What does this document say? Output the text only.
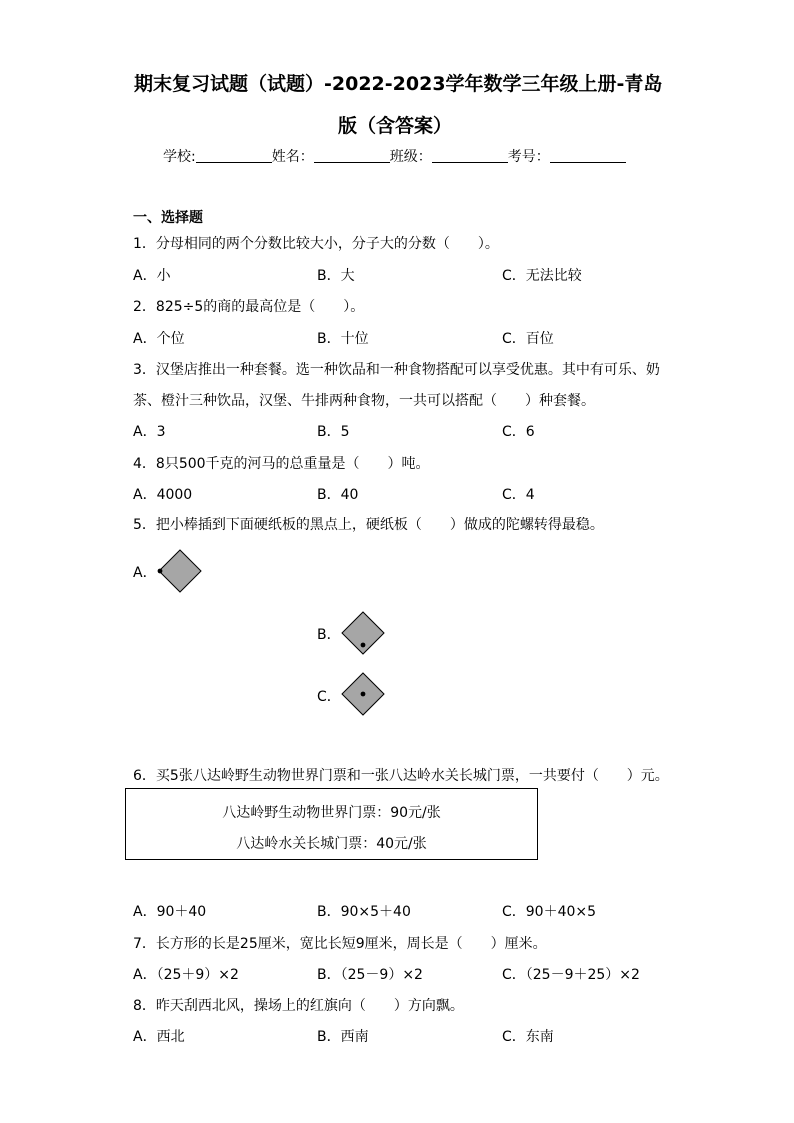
期末复习试题（试题）-2022-2023学年数学三年级上册-青岛
版（含答案）
学校:	姓名：	班级：	考号：
一、选择题
1．分母相同的两个分数比较大小，分子大的分数（　　）。
A．小	B．大	C．无法比较
2．825÷5的商的最高位是（　　）。
A．个位	B．十位	C．百位
3．汉堡店推出一种套餐。选一种饮品和一种食物搭配可以享受优惠。其中有可乐、奶
茶、橙汁三种饮品，汉堡、牛排两种食物，一共可以搭配（　　）种套餐。
A．3	B．5	C．6
4．8只500千克的河马的总重量是（　　）吨。
A．4000	B．40	C．4
5．把小棒插到下面硬纸板的黑点上，硬纸板（　　）做成的陀螺转得最稳。
A．
B．
C．
6．买5张八达岭野生动物世界门票和一张八达岭水关长城门票，一共要付（　　）元。
八达岭野生动物世界门票：90元/张
八达岭水关长城门票：40元/张
A．90＋40	B．90×5＋40	C．90＋40×5
7．长方形的长是25厘米，宽比长短9厘米，周长是（　　）厘米。
A．（25＋9）×2	B．（25－9）×2	C．（25－9＋25）×2
8．昨天刮西北风，操场上的红旗向（　　）方向飘。
A．西北	B．西南	C．东南
